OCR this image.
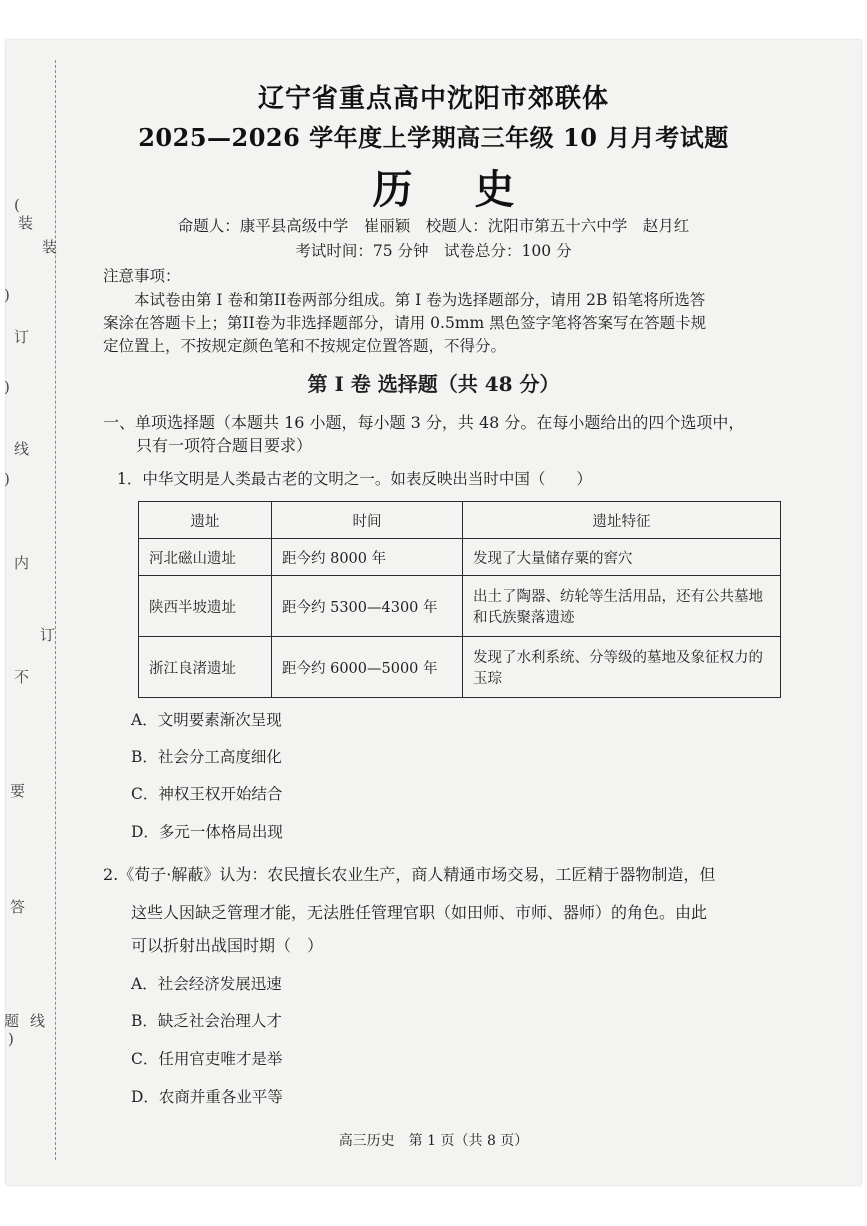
(
装
)
订
)
线
)
内
不
要
答
题 线
)
装
订
辽宁省重点高中沈阳市郊联体
2025—2026 学年度上学期高三年级 10 月月考试题
历 史
命题人：康平县高级中学　崔丽颖　校题人：沈阳市第五十六中学　赵月红
考试时间：75 分钟　试卷总分：100 分
注意事项：
　　本试卷由第 I 卷和第II卷两部分组成。第 I 卷为选择题部分，请用 2B 铅笔将所选答
案涂在答题卡上；第II卷为非选择题部分，请用 0.5mm 黑色签字笔将答案写在答题卡规
定位置上，不按规定颜色笔和不按规定位置答题，不得分。
第 I 卷 选择题（共 48 分）
一、单项选择题（本题共 16 小题，每小题 3 分，共 48 分。在每小题给出的四个选项中，
只有一项符合题目要求）
1．中华文明是人类最古老的文明之一。如表反映出当时中国（　　）
遗址	时间	遗址特征
河北磁山遗址	距今约 8000 年	发现了大量储存粟的窖穴
陕西半坡遗址	距今约 5300—4300 年	出土了陶器、纺轮等生活用品，还有公共墓地和氏族聚落遗迹
浙江良渚遗址	距今约 6000—5000 年	发现了水利系统、分等级的墓地及象征权力的玉琮
A．文明要素渐次呈现
B．社会分工高度细化
C．神权王权开始结合
D．多元一体格局出现
2.《荀子·解蔽》认为：农民擅长农业生产，商人精通市场交易，工匠精于器物制造，但
这些人因缺乏管理才能，无法胜任管理官职（如田师、市师、器师）的角色。由此
可以折射出战国时期（　）
A．社会经济发展迅速
B．缺乏社会治理人才
C．任用官吏唯才是举
D．农商并重各业平等
高三历史　第 1 页（共 8 页）
